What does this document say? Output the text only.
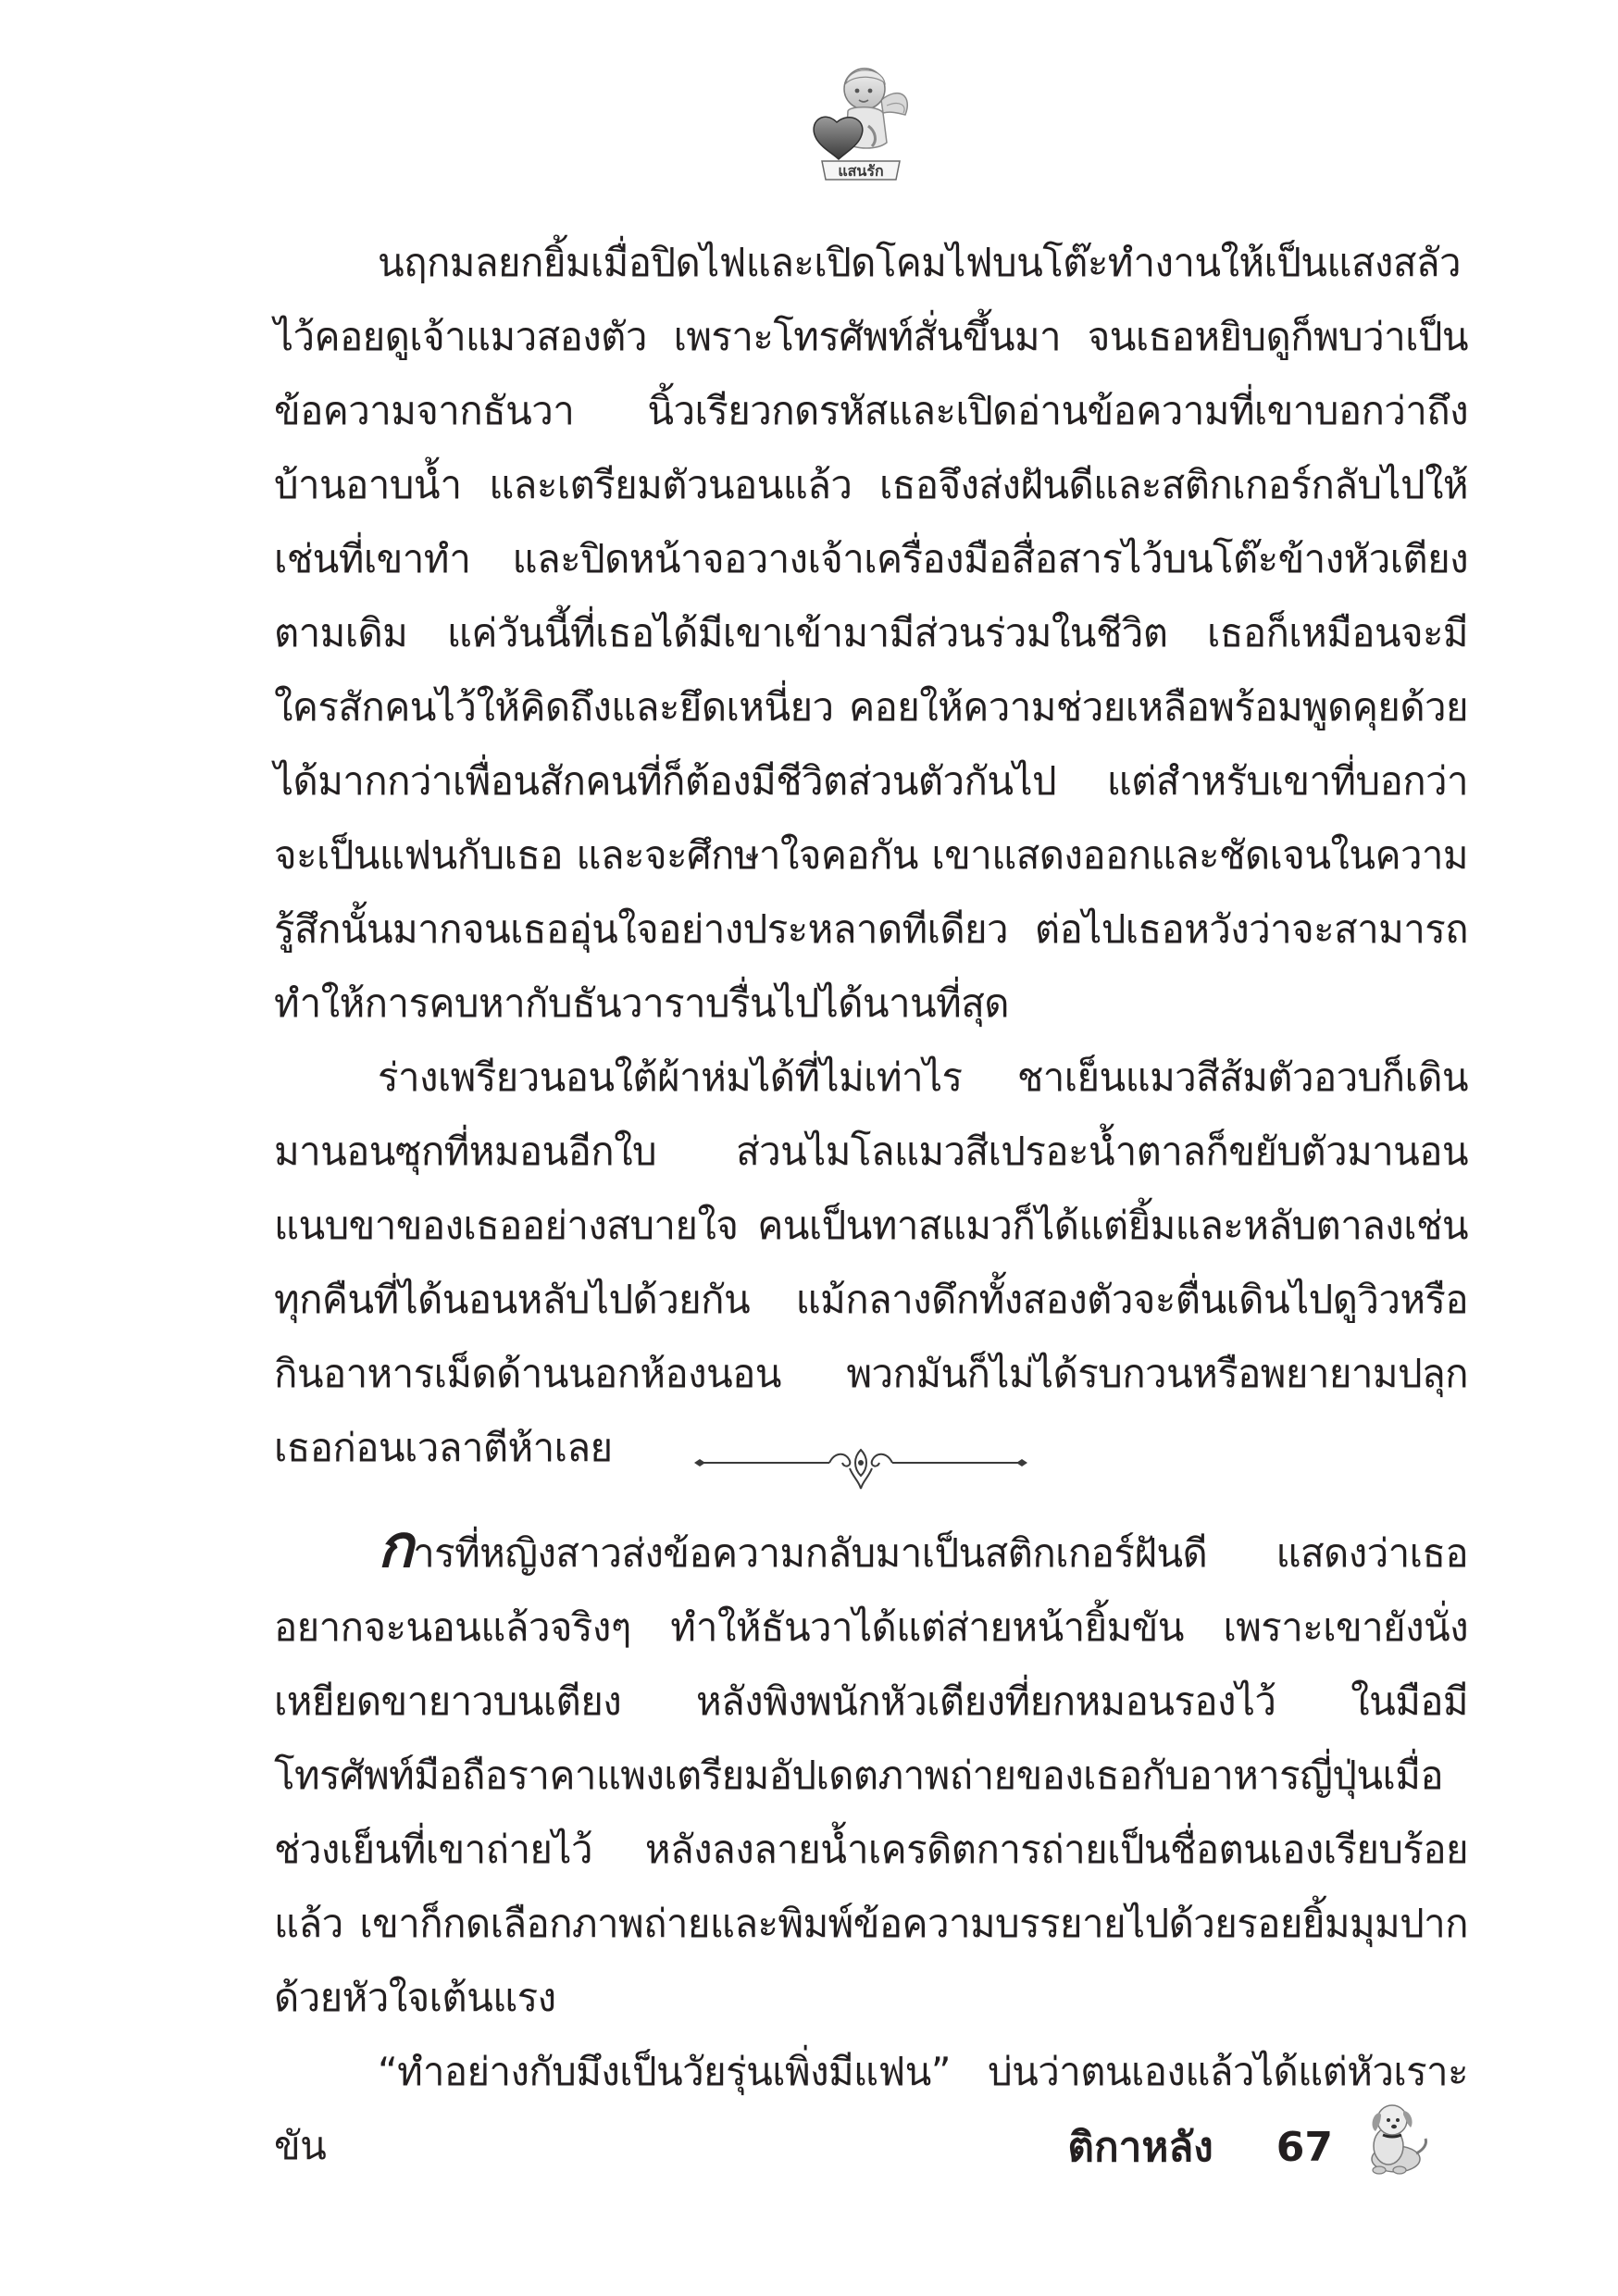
แสนรัก

นฤกมลยกยิ้มเมื่อปิดไฟและเปิดโคมไฟบนโต๊ะทำงานให้เป็นแสงสลัวไว้คอยดูเจ้าแมวสองตัว เพราะโทรศัพท์สั่นขึ้นมา จนเธอหยิบดูก็พบว่าเป็นข้อความจากธันวา นิ้วเรียวกดรหัสและเปิดอ่านข้อความที่เขาบอกว่าถึงบ้านอาบน้ำ และเตรียมตัวนอนแล้ว เธอจึงส่งฝันดีและสติกเกอร์กลับไปให้เช่นที่เขาทำ และปิดหน้าจอวางเจ้าเครื่องมือสื่อสารไว้บนโต๊ะข้างหัวเตียงตามเดิม แค่วันนี้ที่เธอได้มีเขาเข้ามามีส่วนร่วมในชีวิต เธอก็เหมือนจะมีใครสักคนไว้ให้คิดถึงและยึดเหนี่ยว คอยให้ความช่วยเหลือพร้อมพูดคุยด้วยได้มากกว่าเพื่อนสักคนที่ก็ต้องมีชีวิตส่วนตัวกันไป แต่สำหรับเขาที่บอกว่าจะเป็นแฟนกับเธอ และจะศึกษาใจคอกัน เขาแสดงออกและชัดเจนในความรู้สึกนั้นมากจนเธออุ่นใจอย่างประหลาดทีเดียว ต่อไปเธอหวังว่าจะสามารถทำให้การคบหากับธันวาราบรื่นไปได้นานที่สุด

ร่างเพรียวนอนใต้ผ้าห่มได้ที่ไม่เท่าไร ชาเย็นแมวสีส้มตัวอวบก็เดินมานอนซุกที่หมอนอีกใบ ส่วนไมโลแมวสีเปรอะน้ำตาลก็ขยับตัวมานอนแนบขาของเธออย่างสบายใจ คนเป็นทาสแมวก็ได้แต่ยิ้มและหลับตาลงเช่นทุกคืนที่ได้นอนหลับไปด้วยกัน แม้กลางดึกทั้งสองตัวจะตื่นเดินไปดูวิวหรือกินอาหารเม็ดด้านนอกห้องนอน พวกมันก็ไม่ได้รบกวนหรือพยายามปลุกเธอก่อนเวลาตีห้าเลย

การที่หญิงสาวส่งข้อความกลับมาเป็นสติกเกอร์ฝันดี แสดงว่าเธออยากจะนอนแล้วจริงๆ ทำให้ธันวาได้แต่ส่ายหน้ายิ้มขัน เพราะเขายังนั่งเหยียดขายาวบนเตียง หลังพิงพนักหัวเตียงที่ยกหมอนรองไว้ ในมือมีโทรศัพท์มือถือราคาแพงเตรียมอัปเดตภาพถ่ายของเธอกับอาหารญี่ปุ่นเมื่อช่วงเย็นที่เขาถ่ายไว้ หลังลงลายน้ำเครดิตการถ่ายเป็นชื่อตนเองเรียบร้อยแล้ว เขาก็กดเลือกภาพถ่ายและพิมพ์ข้อความบรรยายไปด้วยรอยยิ้มมุมปากด้วยหัวใจเต้นแรง

“ทำอย่างกับมึงเป็นวัยรุ่นเพิ่งมีแฟน” บ่นว่าตนเองแล้วได้แต่หัวเราะขัน	ติกาหลัง 67
